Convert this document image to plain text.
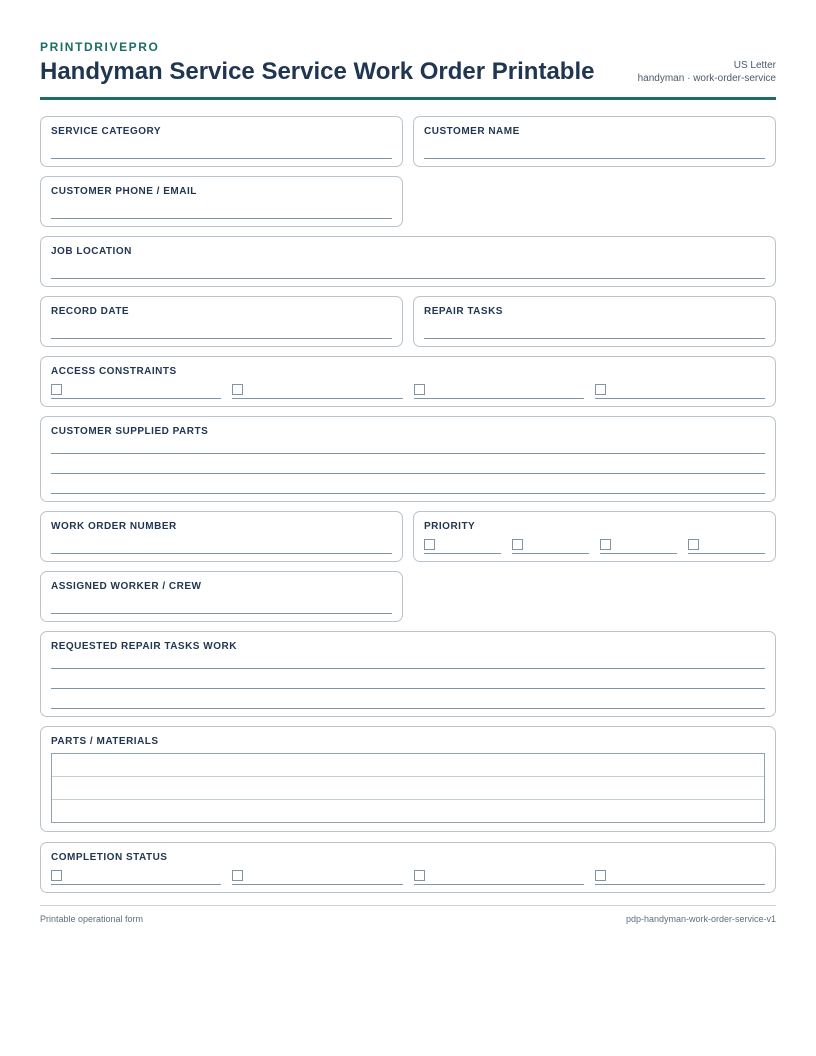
PRINTDRIVEPRO
Handyman Service Service Work Order Printable	US Letter
handyman · work-order-service
SERVICE CATEGORY	CUSTOMER NAME
CUSTOMER PHONE / EMAIL
JOB LOCATION
RECORD DATE	REPAIR TASKS
ACCESS CONSTRAINTS
CUSTOMER SUPPLIED PARTS
WORK ORDER NUMBER	PRIORITY
ASSIGNED WORKER / CREW
REQUESTED REPAIR TASKS WORK
PARTS / MATERIALS
COMPLETION STATUS
Printable operational form	pdp-handyman-work-order-service-v1
